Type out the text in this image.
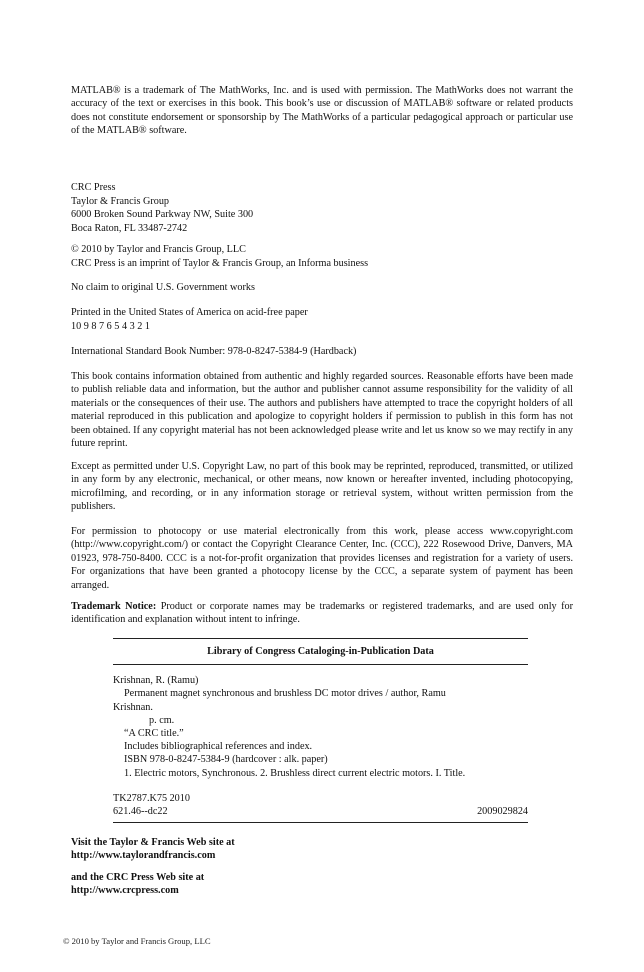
MATLAB® is a trademark of The MathWorks, Inc. and is used with permission. The MathWorks does not warrant the accuracy of the text or exercises in this book. This book’s use or discussion of MATLAB® software or related products does not constitute endorsement or sponsorship by The MathWorks of a particular pedagogical approach or particular use of the MATLAB® software.

CRC Press
Taylor & Francis Group
6000 Broken Sound Parkway NW, Suite 300
Boca Raton, FL 33487-2742
© 2010 by Taylor and Francis Group, LLC
CRC Press is an imprint of Taylor & Francis Group, an Informa business

No claim to original U.S. Government works

Printed in the United States of America on acid-free paper
10 9 8 7 6 5 4 3 2 1

International Standard Book Number: 978-0-8247-5384-9 (Hardback)

This book contains information obtained from authentic and highly regarded sources. Reasonable efforts have been made to publish reliable data and information, but the author and publisher cannot assume responsibility for the validity of all materials or the consequences of their use. The authors and publishers have attempted to trace the copyright holders of all material reproduced in this publication and apologize to copyright holders if permission to publish in this form has not been obtained. If any copyright material has not been acknowledged please write and let us know so we may rectify in any future reprint.

Except as permitted under U.S. Copyright Law, no part of this book may be reprinted, reproduced, transmitted, or utilized in any form by any electronic, mechanical, or other means, now known or hereafter invented, including photocopying, microfilming, and recording, or in any information storage or retrieval system, without written permission from the publishers.

For permission to photocopy or use material electronically from this work, please access www.copyright.com (http://www.copyright.com/) or contact the Copyright Clearance Center, Inc. (CCC), 222 Rosewood Drive, Danvers, MA 01923, 978-750-8400. CCC is a not-for-profit organization that provides licenses and registration for a variety of users. For organizations that have been granted a photocopy license by the CCC, a separate system of payment has been arranged.

Trademark Notice: Product or corporate names may be trademarks or registered trademarks, and are used only for identification and explanation without intent to infringe.

Library of Congress Cataloging-in-Publication Data
Krishnan, R. (Ramu)
Permanent magnet synchronous and brushless DC motor drives / author, Ramu
Krishnan.
p. cm.
“A CRC title.”
Includes bibliographical references and index.
ISBN 978-0-8247-5384-9 (hardcover : alk. paper)
1. Electric motors, Synchronous. 2. Brushless direct current electric motors. I. Title.
TK2787.K75 2010
621.46--dc22	2009029824
Visit the Taylor & Francis Web site at
http://www.taylorandfrancis.com
and the CRC Press Web site at
http://www.crcpress.com
© 2010 by Taylor and Francis Group, LLC
